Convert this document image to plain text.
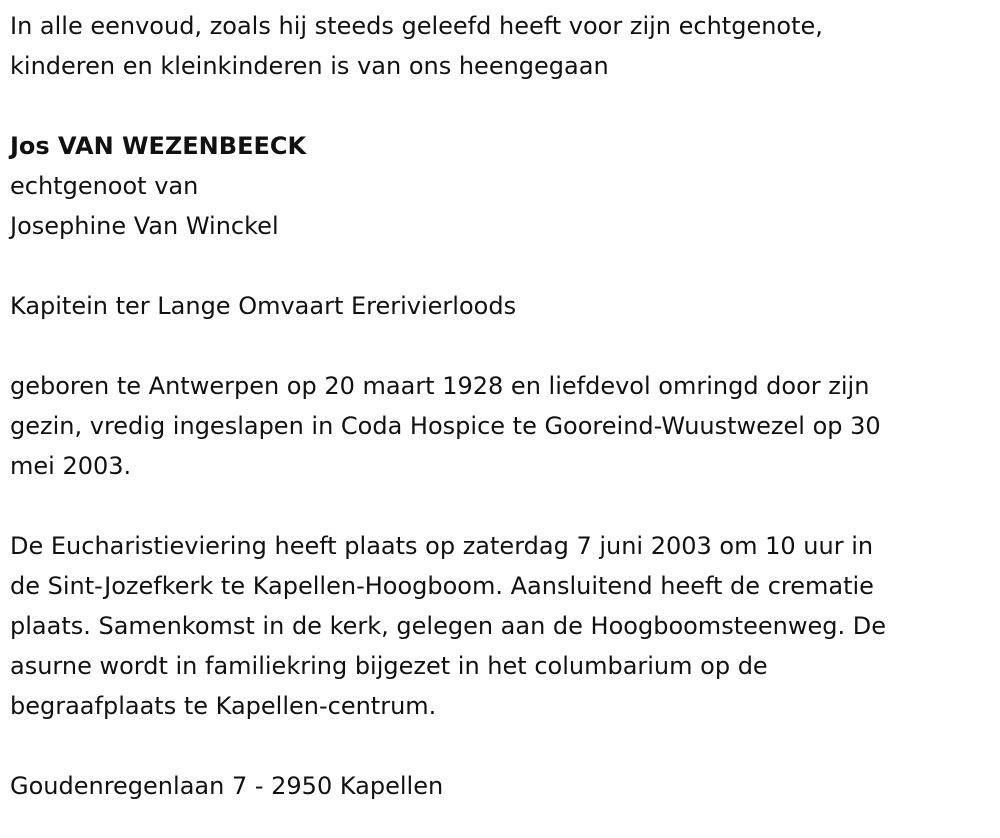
In alle eenvoud, zoals hij steeds geleefd heeft voor zijn echtgenote,

kinderen en kleinkinderen is van ons heengegaan

Jos VAN WEZENBEECK

echtgenoot van

Josephine Van Winckel

Kapitein ter Lange Omvaart Ererivierloods

geboren te Antwerpen op 20 maart 1928 en liefdevol omringd door zijn

gezin, vredig ingeslapen in Coda Hospice te Gooreind-Wuustwezel op 30

mei 2003.

De Eucharistieviering heeft plaats op zaterdag 7 juni 2003 om 10 uur in

de Sint-Jozefkerk te Kapellen-Hoogboom. Aansluitend heeft de crematie

plaats. Samenkomst in de kerk, gelegen aan de Hoogboomsteenweg. De

asurne wordt in familiekring bijgezet in het columbarium op de

begraafplaats te Kapellen-centrum.

Goudenregenlaan 7 - 2950 Kapellen
